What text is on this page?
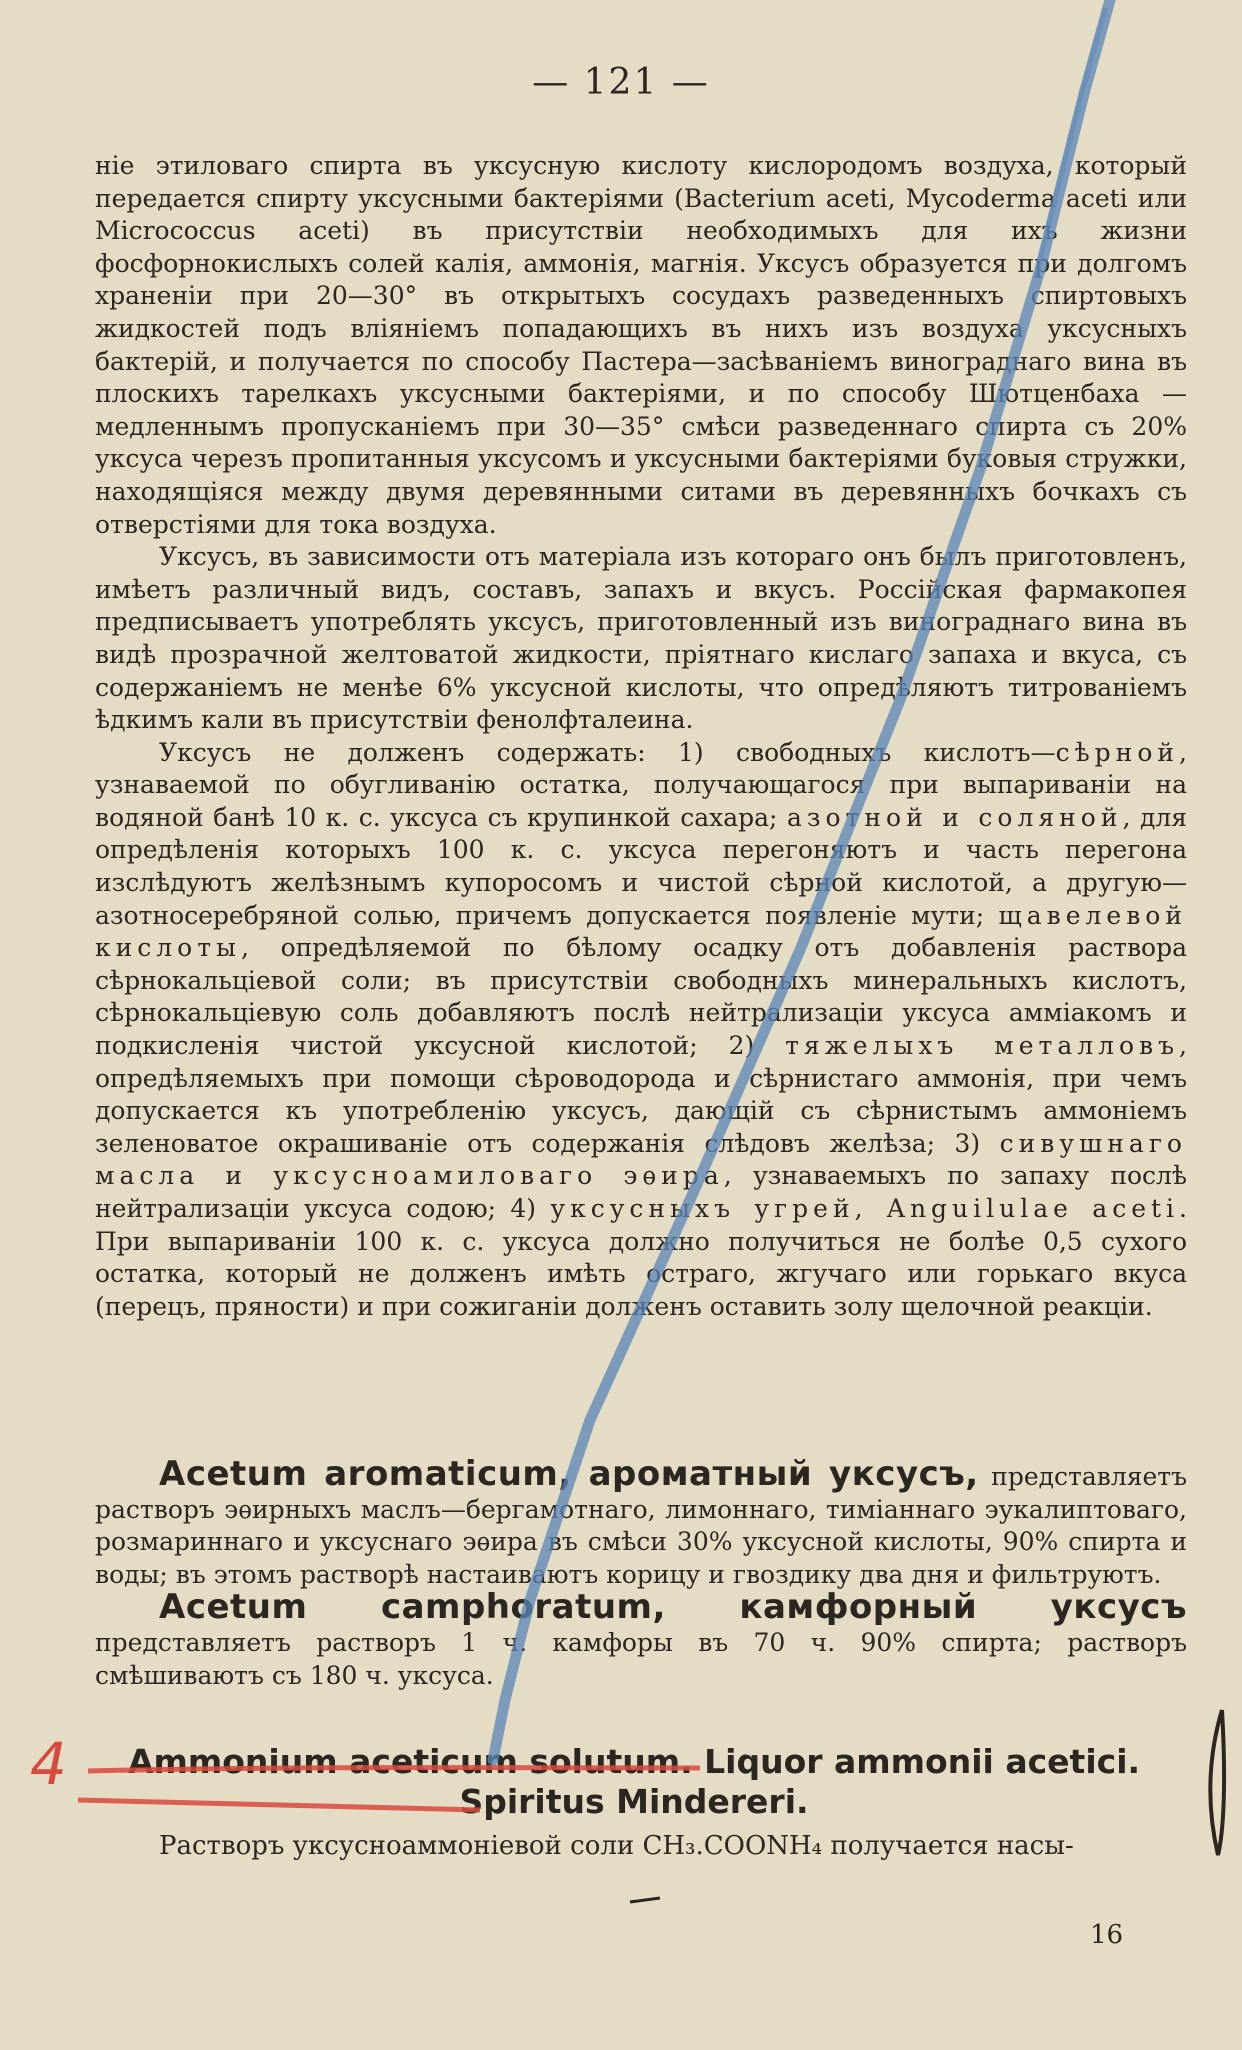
— 121 —

ніе этиловаго спирта въ уксусную кислоту кислородомъ воздуха, который передается спирту уксусными бактеріями (Bacterium aceti, Mycoderma aceti или Micrococcus aceti) въ присутствіи необходимыхъ для ихъ жизни фосфорнокислыхъ солей калія, аммонія, магнія. Уксусъ образуется при долгомъ храненіи при 20—30° въ открытыхъ сосудахъ разведенныхъ спиртовыхъ жидкостей подъ вліяніемъ попадающихъ въ нихъ изъ воздуха уксусныхъ бактерій, и получается по способу Пастера—засѣваніемъ винограднаго вина въ плоскихъ тарелкахъ уксусными бактеріями, и по способу Шютценбаха — медленнымъ пропусканіемъ при 30—35° смѣси разведеннаго спирта съ 20% уксуса черезъ пропитанныя уксусомъ и уксусными бактеріями буковыя стружки, находящіяся между двумя деревянными ситами въ деревянныхъ бочкахъ съ отверстіями для тока воздуха.

Уксусъ, въ зависимости отъ матеріала изъ котораго онъ былъ приготовленъ, имѣетъ различный видъ, составъ, запахъ и вкусъ. Россійская фармакопея предписываетъ употреблять уксусъ, приготовленный изъ винограднаго вина въ видѣ прозрачной желтоватой жидкости, пріятнаго кислаго запаха и вкуса, съ содержаніемъ не менѣе 6% уксусной кислоты, что опредѣляютъ титрованіемъ ѣдкимъ кали въ присутствіи фенолфталеина.

Уксусъ не долженъ содержать: 1) свободныхъ кислотъ—сѣрной, узнаваемой по обугливанію остатка, получающагося при выпариваніи на водяной банѣ 10 к. с. уксуса съ крупинкой сахара; азотной и соляной, для опредѣленія которыхъ 100 к. с. уксуса перегоняютъ и часть перегона изслѣдуютъ желѣзнымъ купоросомъ и чистой сѣрной кислотой, а другую—азотносеребряной солью, причемъ допускается появленіе мути; щавелевой кислоты, опредѣляемой по бѣлому осадку отъ добавленія раствора сѣрнокальціевой соли; въ присутствіи свободныхъ минеральныхъ кислотъ, сѣрнокальціевую соль добавляютъ послѣ нейтрализаціи уксуса аммiакомъ и подкисленія чистой уксусной кислотой; 2) тяжелыхъ металловъ, опредѣляемыхъ при помощи сѣроводорода и сѣрнистаго аммонія, при чемъ допускается къ употребленію уксусъ, дающій съ сѣрнистымъ аммоніемъ зеленоватое окрашиваніе отъ содержанія слѣдовъ желѣза; 3) сивушнаго масла и уксусноамиловаго эѳира, узнаваемыхъ по запаху послѣ нейтрализаціи уксуса содою; 4) уксусныхъ угрей, Anguilulae aceti. При выпариваніи 100 к. с. уксуса должно получиться не болѣе 0,5 сухого остатка, который не долженъ имѣть остраго, жгучаго или горькаго вкуса (перецъ, пряности) и при сожиганіи долженъ оставить золу щелочной реакціи.

Acetum aromaticum, ароматный уксусъ, представляетъ растворъ эѳирныхъ маслъ—бергамотнаго, лимоннаго, тиміаннаго эукалиптоваго, розмариннаго и уксуснаго эѳира въ смѣси 30% уксусной кислоты, 90% спирта и воды; въ этомъ растворѣ настаиваютъ корицу и гвоздику два дня и фильтруютъ.

Acetum camphoratum, камфорный уксусъ представляетъ растворъ 1 ч. камфоры въ 70 ч. 90% спирта; растворъ смѣшиваютъ съ 180 ч. уксуса.

Ammonium aceticum solutum. Liquor ammonii acetici. Spiritus Mindereri.
Растворъ уксусноаммоніевой соли CH₃.COONH₄ получается насы-
16
4
